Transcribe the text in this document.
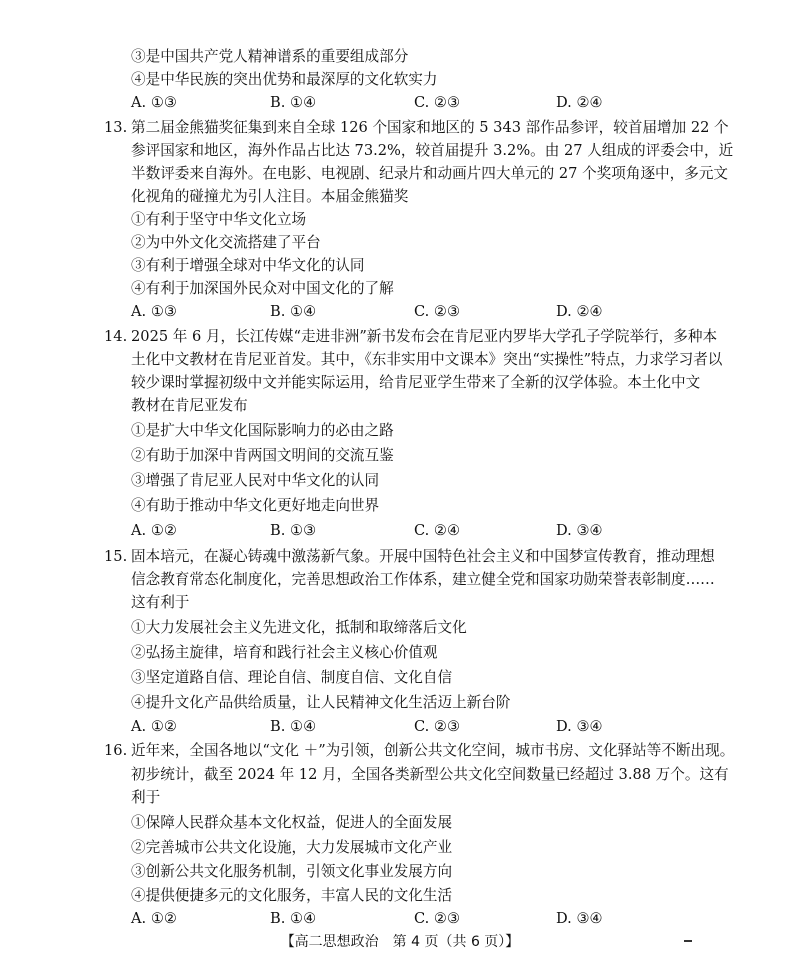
③是中国共产党人精神谱系的重要组成部分
④是中华民族的突出优势和最深厚的文化软实力
A. ①③	B. ①④	C. ②③	D. ②④
13. 第二届金熊猫奖征集到来自全球 126 个国家和地区的 5 343 部作品参评，较首届增加 22 个
参评国家和地区，海外作品占比达 73.2%，较首届提升 3.2%。由 27 人组成的评委会中，近
半数评委来自海外。在电影、电视剧、纪录片和动画片四大单元的 27 个奖项角逐中，多元文
化视角的碰撞尤为引人注目。本届金熊猫奖
①有利于坚守中华文化立场
②为中外文化交流搭建了平台
③有利于增强全球对中华文化的认同
④有利于加深国外民众对中国文化的了解
A. ①③	B. ①④	C. ②③	D. ②④
14. 2025 年 6 月，长江传媒“走进非洲”新书发布会在肯尼亚内罗毕大学孔子学院举行，多种本
土化中文教材在肯尼亚首发。其中，《东非实用中文课本》突出“实操性”特点，力求学习者以
较少课时掌握初级中文并能实际运用，给肯尼亚学生带来了全新的汉学体验。本土化中文
教材在肯尼亚发布
①是扩大中华文化国际影响力的必由之路
②有助于加深中肯两国文明间的交流互鉴
③增强了肯尼亚人民对中华文化的认同
④有助于推动中华文化更好地走向世界
A. ①②	B. ①③	C. ②④	D. ③④
15. 固本培元，在凝心铸魂中激荡新气象。开展中国特色社会主义和中国梦宣传教育，推动理想
信念教育常态化制度化，完善思想政治工作体系，建立健全党和国家功勋荣誉表彰制度……
这有利于
①大力发展社会主义先进文化，抵制和取缔落后文化
②弘扬主旋律，培育和践行社会主义核心价值观
③坚定道路自信、理论自信、制度自信、文化自信
④提升文化产品供给质量，让人民精神文化生活迈上新台阶
A. ①②	B. ①④	C. ②③	D. ③④
16. 近年来，全国各地以“文化 ＋”为引领，创新公共文化空间，城市书房、文化驿站等不断出现。
初步统计，截至 2024 年 12 月，全国各类新型公共文化空间数量已经超过 3.88 万个。这有
利于
①保障人民群众基本文化权益，促进人的全面发展
②完善城市公共文化设施，大力发展城市文化产业
③创新公共文化服务机制，引领文化事业发展方向
④提供便捷多元的文化服务，丰富人民的文化生活
A. ①②	B. ①④	C. ②③	D. ③④
【高二思想政治　第 4 页（共 6 页）】
